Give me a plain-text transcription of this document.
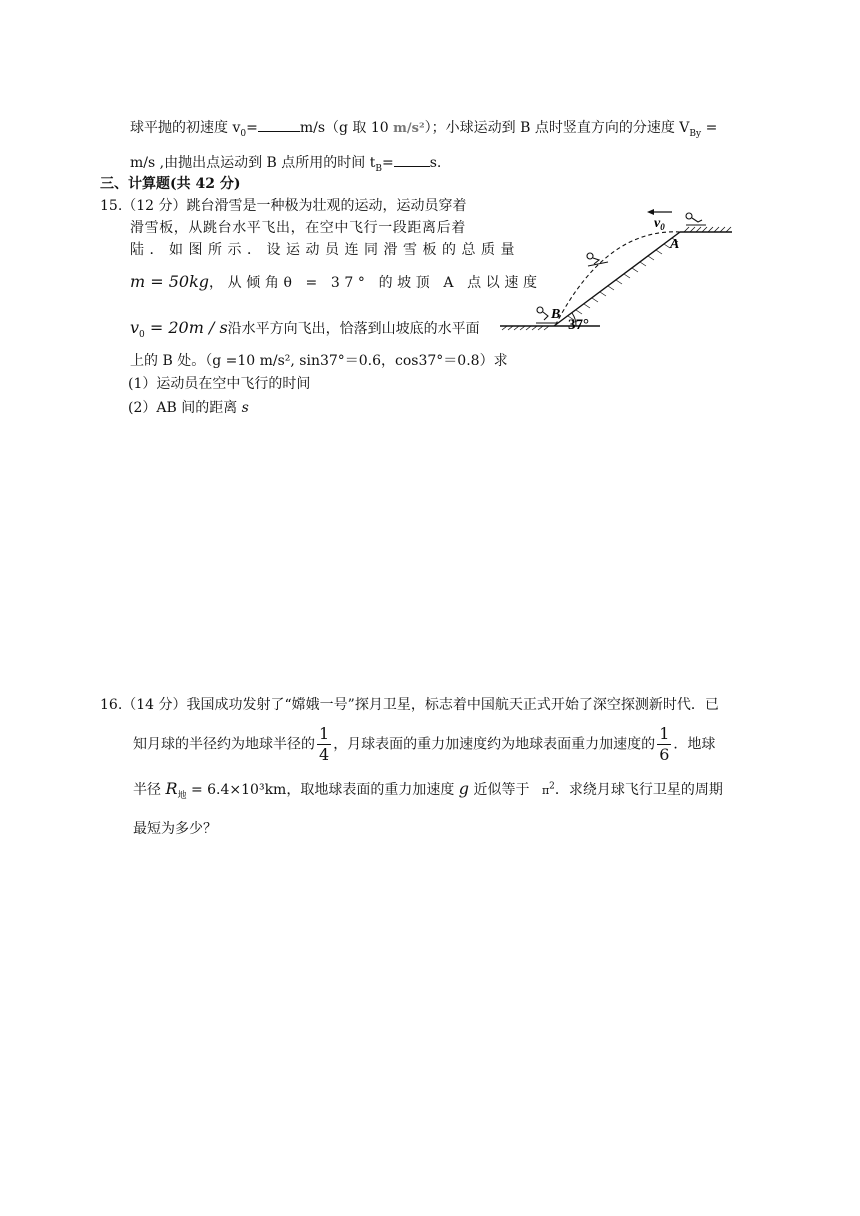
球平抛的初速度 $v_0=$	m/s（g 取 10 m/s²）；小球运动到 B 点时竖直方向的分速度 $V_{By}$ =
m/s ,由抛出点运动到 B 点所用的时间 $t_B=$	s.
三、计算题(共 42 分)
15.（12 分）跳台滑雪是一种极为壮观的运动，运动员穿着
滑雪板，从跳台水平飞出，在空中飞行一段距离后着
陆．如图所示．设运动员连同滑雪板的总质量
m = 50kg，从倾角θ = 37° 的坡顶 A 点以速度
$v_0 = 20m / s$沿水平方向飞出，恰落到山坡底的水平面
上的 B 处。（g =10 m/s², sin37°＝0.6，cos37°＝0.8）求
(1）运动员在空中飞行的时间
(2）AB 间的距离 s
$v_0$
A
B
37°
16.（14 分）我国成功发射了“嫦娥一号”探月卫星，标志着中国航天正式开始了深空探测新时代．已
知月球的半径约为地球半径的 $\frac{1}{4}$ ，月球表面的重力加速度约为地球表面重力加速度的 $\frac{1}{6}$ ．地球
半径 $R_地 = 6.4\times 10^3km$，取地球表面的重力加速度 g 近似等于 $\pi^2$．求绕月球飞行卫星的周期
最短为多少？
